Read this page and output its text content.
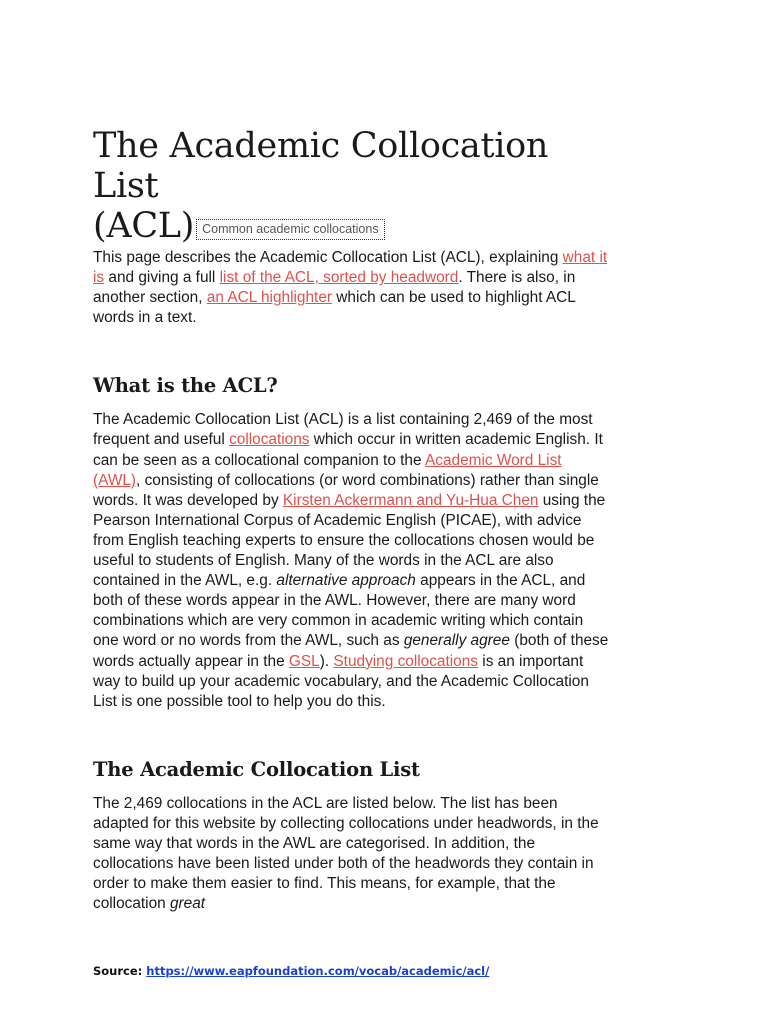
The Academic Collocation List
(ACL) Common academic collocations

This page describes the Academic Collocation List (ACL), explaining what it is and giving a full list of the ACL, sorted by headword. There is also, in another section, an ACL highlighter which can be used to highlight ACL words in a text.

What is the ACL?

The Academic Collocation List (ACL) is a list containing 2,469 of the most frequent and useful collocations which occur in written academic English. It can be seen as a collocational companion to the Academic Word List (AWL), consisting of collocations (or word combinations) rather than single words. It was developed by Kirsten Ackermann and Yu-Hua Chen using the Pearson International Corpus of Academic English (PICAE), with advice from English teaching experts to ensure the collocations chosen would be useful to students of English. Many of the words in the ACL are also contained in the AWL, e.g. alternative approach appears in the ACL, and both of these words appear in the AWL. However, there are many word combinations which are very common in academic writing which contain one word or no words from the AWL, such as generally agree (both of these words actually appear in the GSL). Studying collocations is an important way to build up your academic vocabulary, and the Academic Collocation List is one possible tool to help you do this.

The Academic Collocation List

The 2,469 collocations in the ACL are listed below. The list has been adapted for this website by collecting collocations under headwords, in the same way that words in the AWL are categorised. In addition, the collocations have been listed under both of the headwords they contain in order to make them easier to find. This means, for example, that the collocation great

Source: https://www.eapfoundation.com/vocab/academic/acl/
